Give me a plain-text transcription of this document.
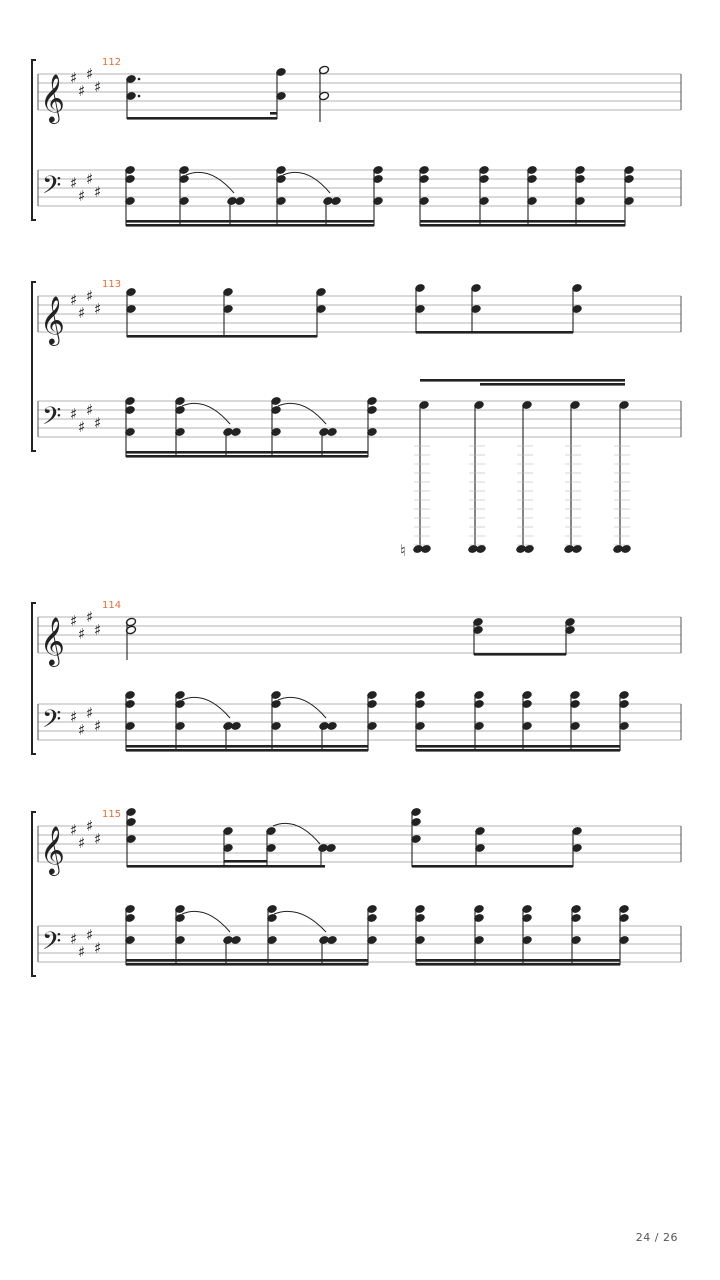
𝄞 ♯
♯
♯
♯
𝄢 ♯
♯
♯
♯
112
𝄞 ♯
♯
♯
♯
𝄢 ♯
♯
♯
♯
113
♮
𝄞 ♯
♯
♯
♯
𝄢 ♯
♯
♯
♯
114
𝄞 ♯
♯
♯
♯
𝄢 ♯
♯
♯
♯
115
24 / 26
